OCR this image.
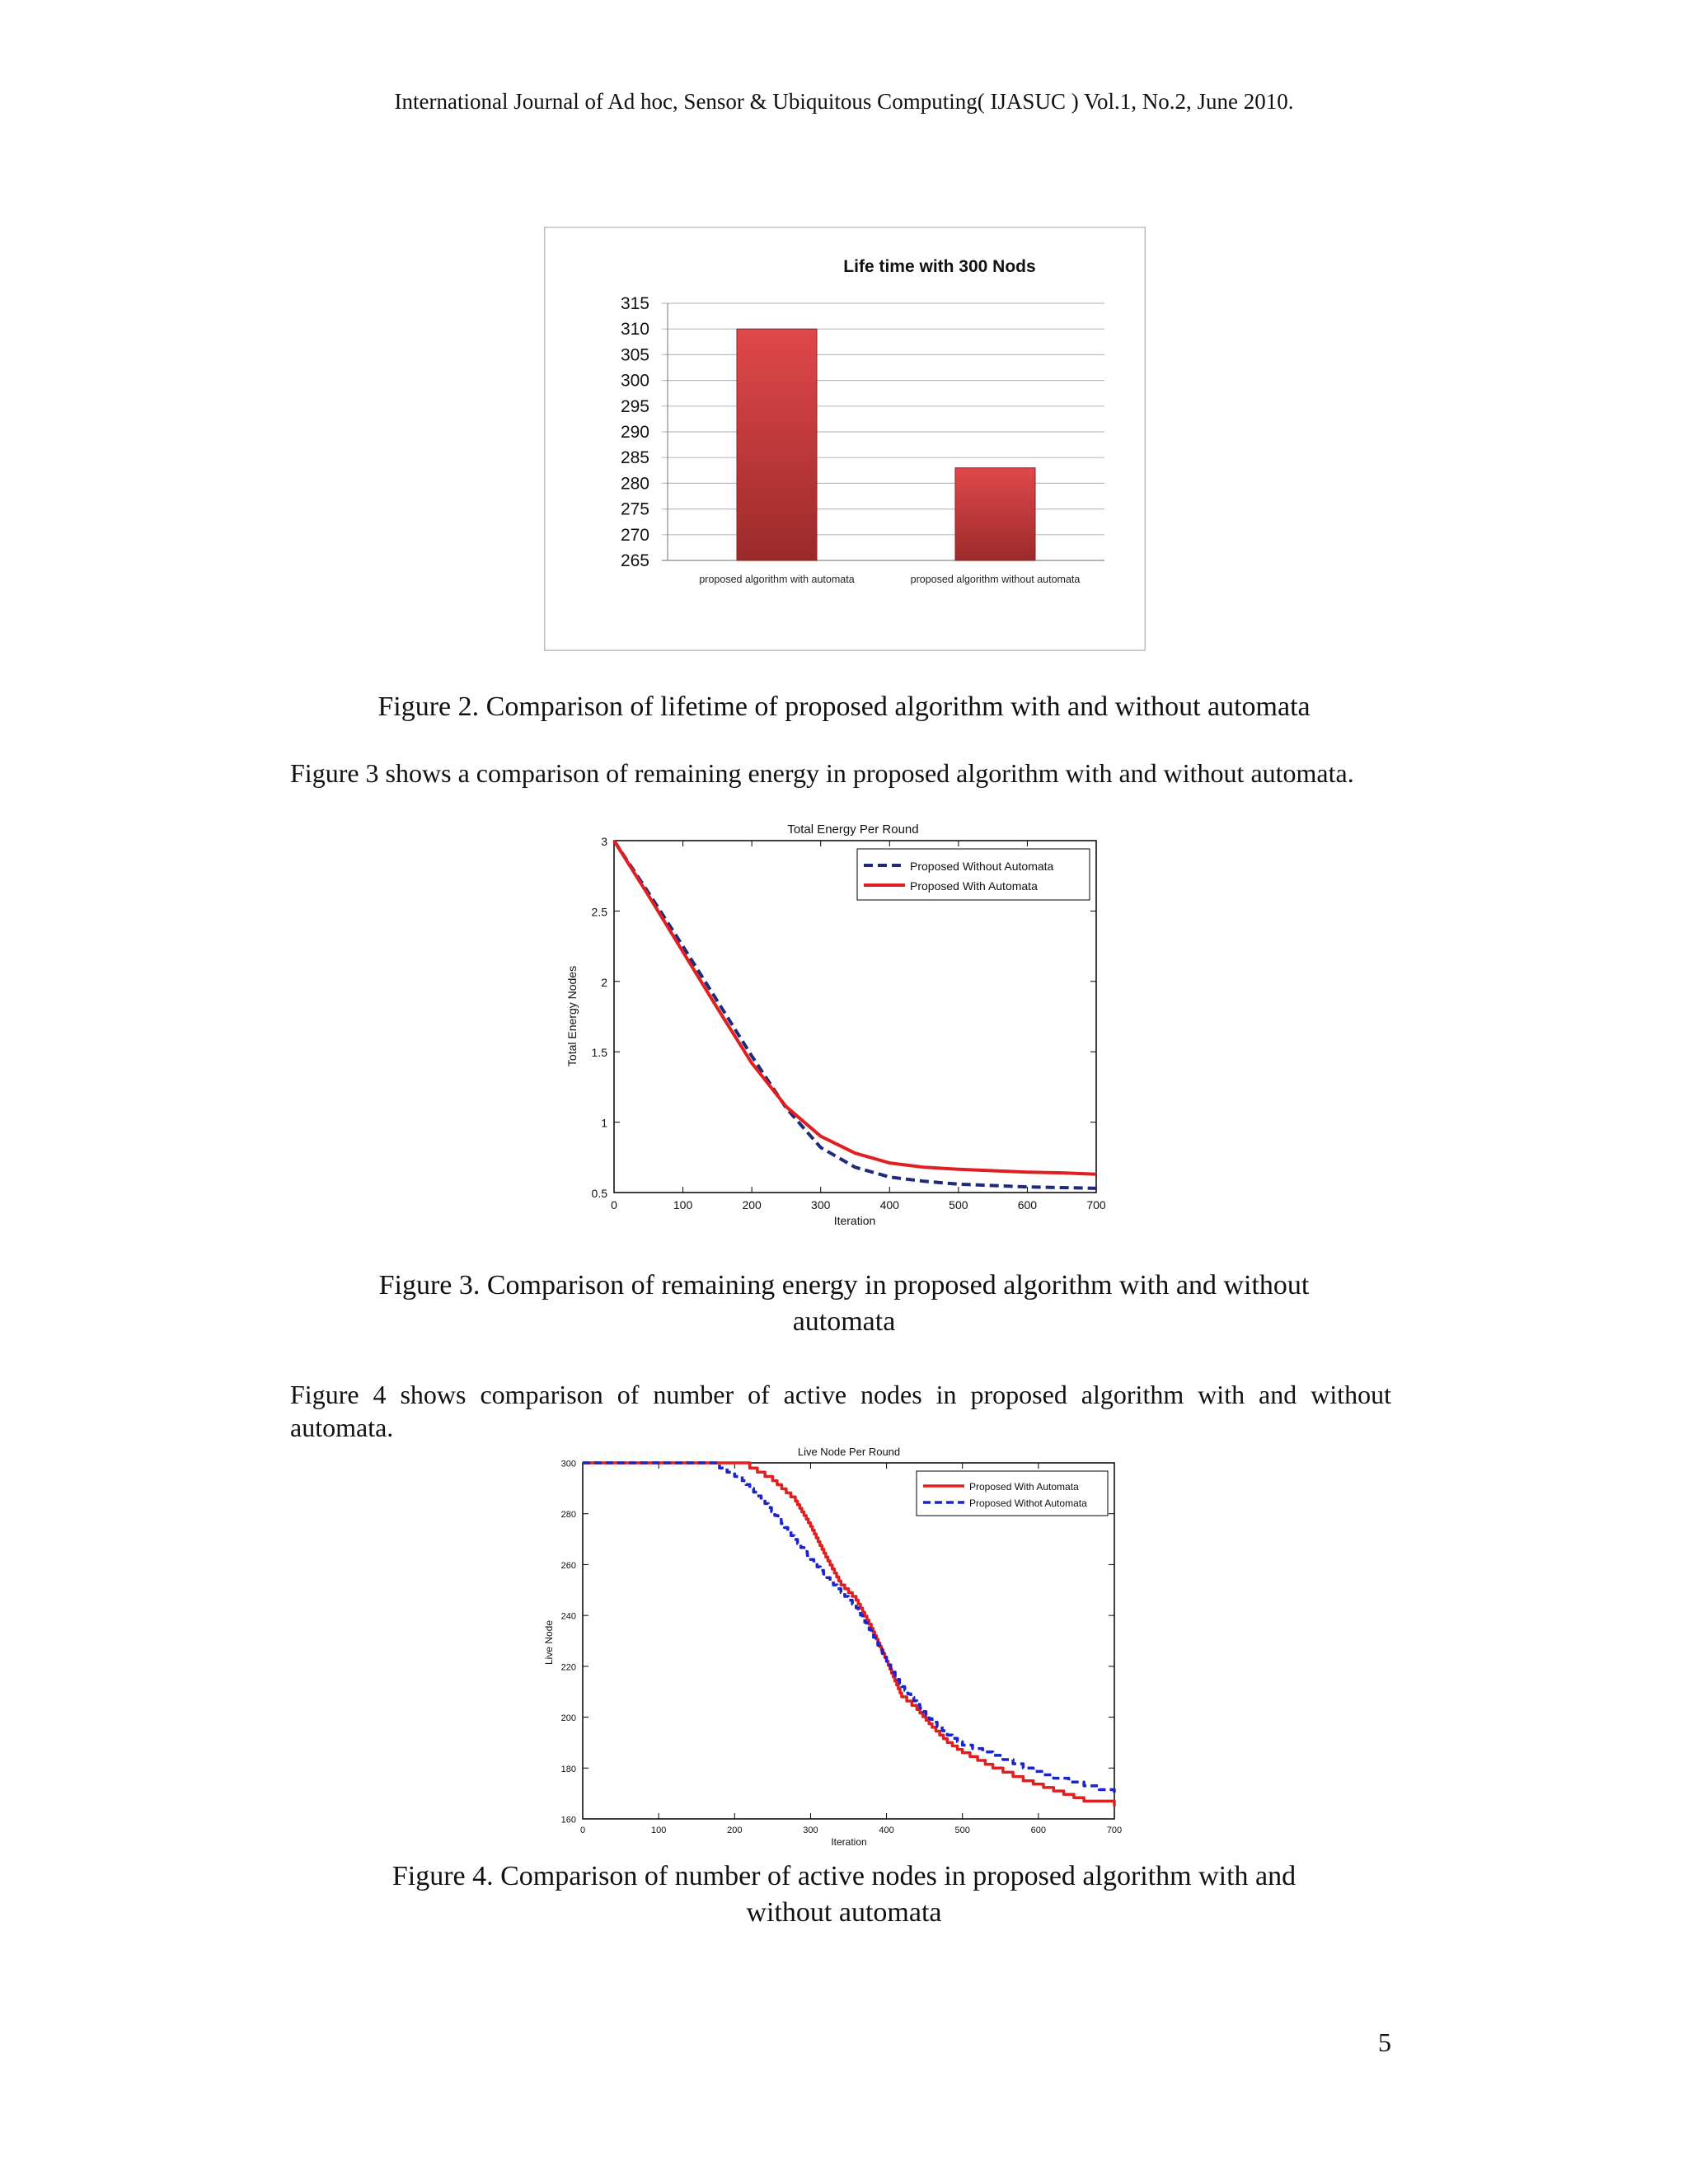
International Journal of Ad hoc, Sensor & Ubiquitous Computing( IJASUC ) Vol.1, No.2, June 2010.
Life time with 300 Nods
265
270
275
280
285
290
295
300
305
310
315
proposed algorithm with automata	proposed algorithm without automata
Figure 2. Comparison of lifetime of proposed algorithm with and without automata
Figure 3 shows a comparison of remaining energy in proposed algorithm with and without automata.
Total Energy Per Round
0	100	200	300	400	500	600	700
0.5
1
1.5
2
2.5
3
Proposed Without Automata
Proposed With Automata
Iteration
Total Energy Nodes
Figure 3. Comparison of remaining energy in proposed algorithm with and without
automata
Figure 4 shows comparison of number of active nodes in proposed algorithm with and without automata.
Live Node Per Round
0	100	200	300	400	500	600	700
160
180
200
220
240
260
280
300
Proposed With Automata
Proposed Withot Automata
Iteration
Live Node
Figure 4. Comparison of number of active nodes in proposed algorithm with and
without automata
5
